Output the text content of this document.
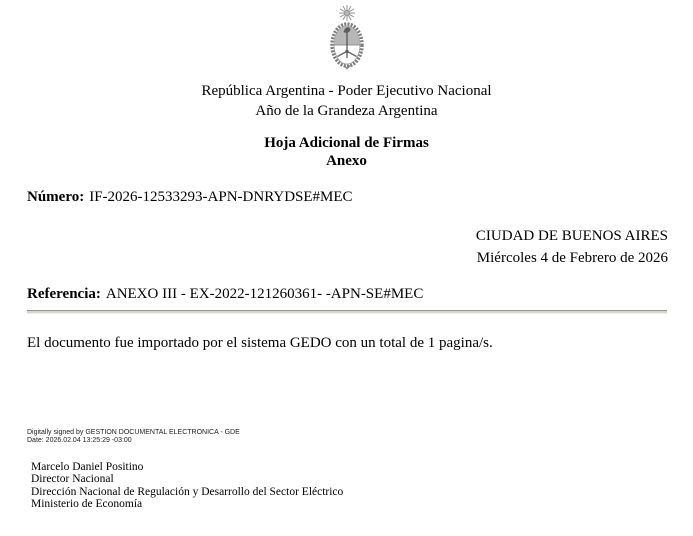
República Argentina - Poder Ejecutivo Nacional
Año de la Grandeza Argentina
Hoja Adicional de Firmas
Anexo
Número: IF-2026-12533293-APN-DNRYDSE#MEC
CIUDAD DE BUENOS AIRES
Miércoles 4 de Febrero de 2026
Referencia: ANEXO III - EX-2022-121260361- -APN-SE#MEC
El documento fue importado por el sistema GEDO con un total de 1 pagina/s.
Digitally signed by GESTION DOCUMENTAL ELECTRONICA - GDE
Date: 2026.02.04 13:25:29 -03:00
Marcelo Daniel Positino
Director Nacional
Dirección Nacional de Regulación y Desarrollo del Sector Eléctrico
Ministerio de Economía
